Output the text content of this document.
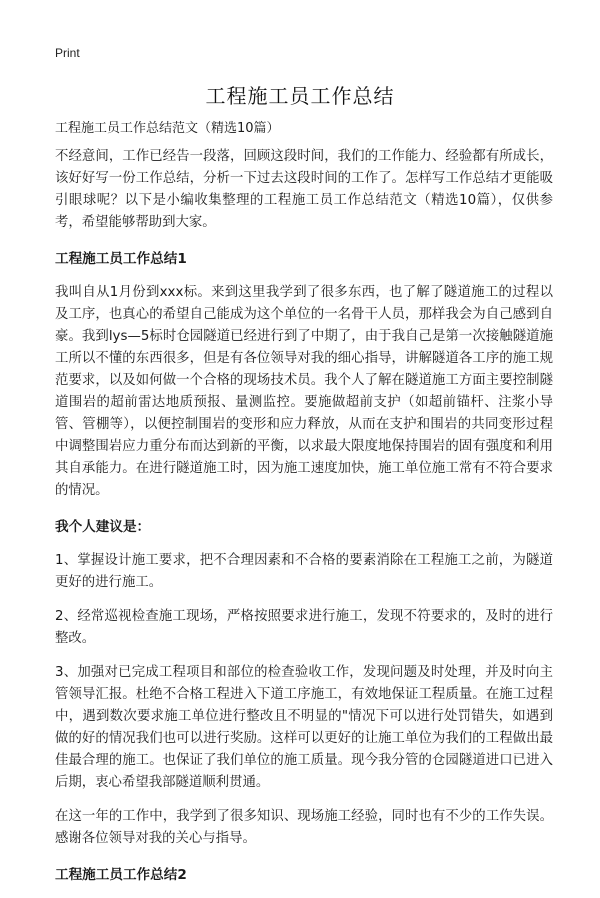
Print
工程施工员工作总结
工程施工员工作总结范文（精选10篇）

不经意间，工作已经告一段落，回顾这段时间，我们的工作能力、经验都有所成长，该好好写一份工作总结，分析一下过去这段时间的工作了。怎样写工作总结才更能吸引眼球呢？以下是小编收集整理的工程施工员工作总结范文（精选10篇），仅供参考，希望能够帮助到大家。

工程施工员工作总结1

我叫自从1月份到xxx标。来到这里我学到了很多东西，也了解了隧道施工的过程以及工序，也真心的希望自己能成为这个单位的一名骨干人员，那样我会为自己感到自豪。我到lys—5标时仓园隧道已经进行到了中期了，由于我自己是第一次接触隧道施工所以不懂的东西很多，但是有各位领导对我的细心指导，讲解隧道各工序的施工规范要求，以及如何做一个合格的现场技术员。我个人了解在隧道施工方面主要控制隧道围岩的超前雷达地质预报、量测监控。要施做超前支护（如超前锚杆、注浆小导管、管棚等），以便控制围岩的变形和应力释放，从而在支护和围岩的共同变形过程中调整围岩应力重分布而达到新的平衡，以求最大限度地保持围岩的固有强度和利用其自承能力。在进行隧道施工时，因为施工速度加快，施工单位施工常有不符合要求的情况。

我个人建议是：

1、掌握设计施工要求，把不合理因素和不合格的要素消除在工程施工之前，为隧道更好的进行施工。

2、经常巡视检查施工现场，严格按照要求进行施工，发现不符要求的，及时的进行整改。

3、加强对已完成工程项目和部位的检查验收工作，发现问题及时处理，并及时向主管领导汇报。杜绝不合格工程进入下道工序施工，有效地保证工程质量。在施工过程中，遇到数次要求施工单位进行整改且不明显的"情况下可以进行处罚错失，如遇到做的好的情况我们也可以进行奖励。这样可以更好的让施工单位为我们的工程做出最佳最合理的施工。也保证了我们单位的施工质量。现今我分管的仓园隧道进口已进入后期，衷心希望我部隧道顺利贯通。

在这一年的工作中，我学到了很多知识、现场施工经验，同时也有不少的工作失误。感谢各位领导对我的关心与指导。

工程施工员工作总结2
